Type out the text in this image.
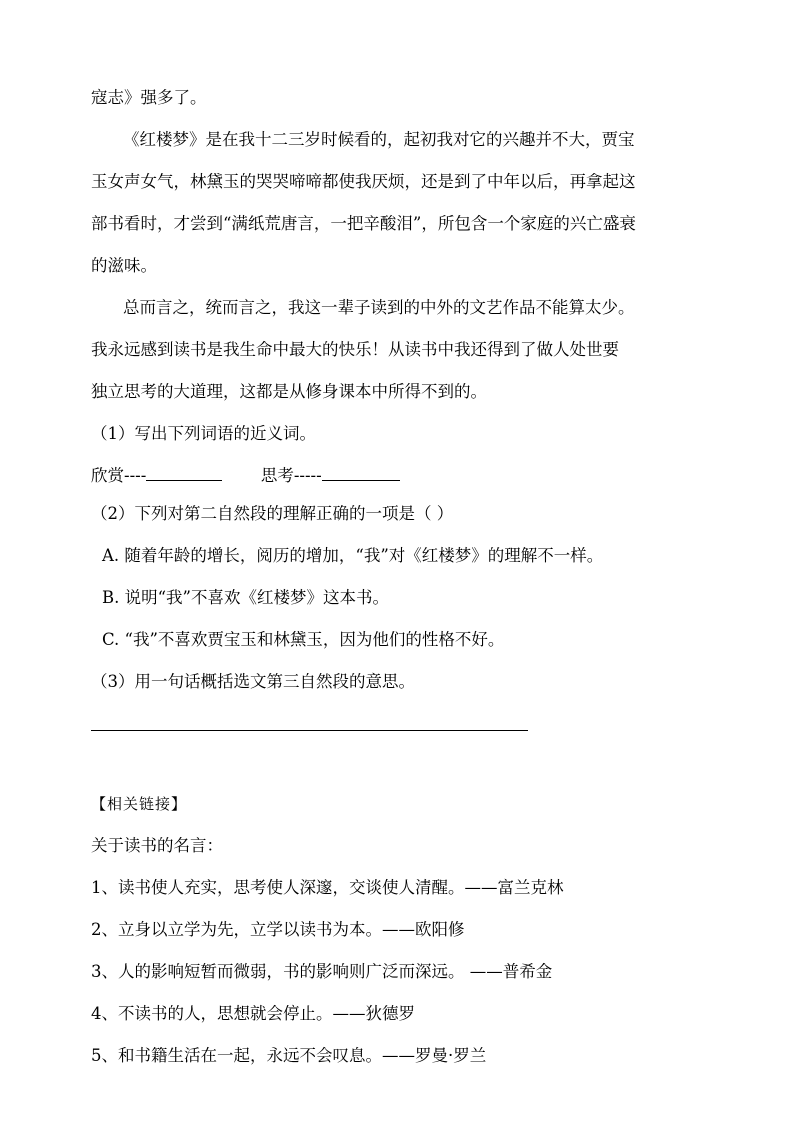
寇志》强多了。
《红楼梦》是在我十二三岁时候看的，起初我对它的兴趣并不大，贾宝
玉女声女气，林黛玉的哭哭啼啼都使我厌烦，还是到了中年以后，再拿起这
部书看时，才尝到“满纸荒唐言，一把辛酸泪”，所包含一个家庭的兴亡盛衰
的滋味。
总而言之，统而言之，我这一辈子读到的中外的文艺作品不能算太少。
我永远感到读书是我生命中最大的快乐！从读书中我还得到了做人处世要
独立思考的大道理，这都是从修身课本中所得不到的。
（1）写出下列词语的近义词。
欣赏----	思考-----
（2）下列对第二自然段的理解正确的一项是（ ）
A. 随着年龄的增长，阅历的增加，“我”对《红楼梦》的理解不一样。
B. 说明“我”不喜欢《红楼梦》这本书。
C. “我”不喜欢贾宝玉和林黛玉，因为他们的性格不好。
（3）用一句话概括选文第三自然段的意思。
【相关链接】
关于读书的名言：
1、读书使人充实，思考使人深邃，交谈使人清醒。——富兰克林
2、立身以立学为先，立学以读书为本。——欧阳修
3、人的影响短暂而微弱，书的影响则广泛而深远。 ——普希金
4、不读书的人，思想就会停止。——狄德罗
5、和书籍生活在一起，永远不会叹息。——罗曼·罗兰
